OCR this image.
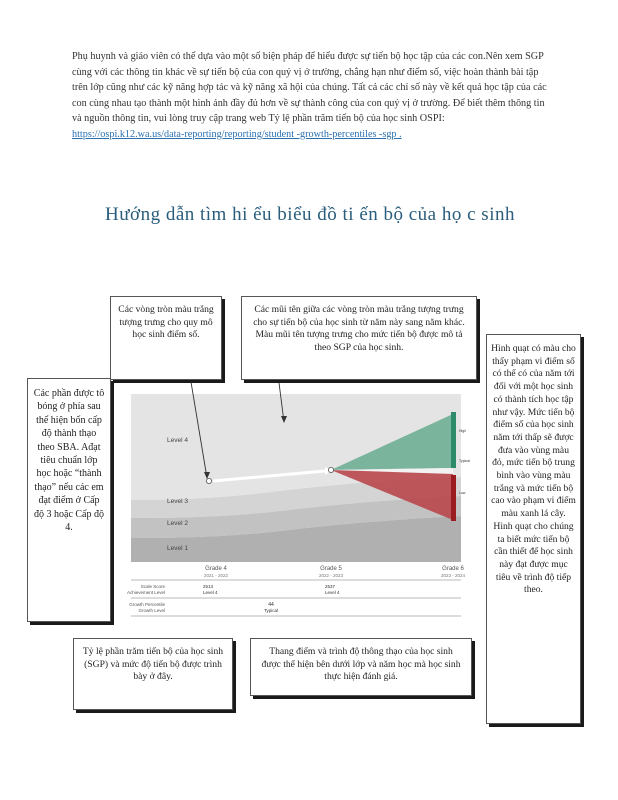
Phụ huynh và giáo viên có thể dựa vào một số biện pháp để hiểu được sự tiến bộ học tập của các con.Nên xem SGP cùng với các thông tin khác về sự tiến bộ của con quý vị ở trường, chẳng hạn như điểm số, việc hoàn thành bài tập trên lớp cũng như các kỹ năng hợp tác và kỹ năng xã hội của chúng. Tất cả các chỉ số này về kết quả học tập của các con cùng nhau tạo thành một hình ảnh đầy đủ hơn về sự thành công của con quý vị ở trường. Để biết thêm thông tin và nguồn thông tin, vui lòng truy cập trang web Tỷ lệ phần trăm tiến bộ của học sinh OSPI: https://ospi.k12.wa.us/data-reporting/reporting/student -growth-percentiles -sgp .
Hướng dẫn tìm hi ểu biểu đồ ti ến bộ của họ c sinh
Level 4
Level 3
Level 2
Level 1
High
Typical
Low
Grade 4
2021 - 2022
Grade 5
2022 - 2023
Grade 6
2023 - 2024
Scale Score
Achievement Level
2513
Level 4
2537
Level 4
Growth Percentile
Growth Level
44
Typical
Các vòng tròn màu trắng tượng trưng cho quy mô học sinh điểm số.
Các mũi tên giữa các vòng tròn màu trắng tượng trưng cho sự tiến bộ của học sinh từ năm này sang năm khác. Màu mũi tên tượng trưng cho mức tiến bộ được mô tả theo SGP của học sinh.
Các phần được tô bóng ở phía sau thể hiện bốn cấp độ thành thạo theo SBA. Ađạt tiêu chuẩn lớp học hoặc “thành thạo” nếu các em đạt điểm ở Cấp độ 3 hoặc Cấp độ 4.
Hình quạt có màu cho thấy phạm vi điểm số có thể có của năm tới đối với một học sinh có thành tích học tập như vậy. Mức tiến bộ điểm số của học sinh năm tới thấp sẽ được đưa vào vùng màu đỏ, mức tiến bộ trung bình vào vùng màu trắng và mức tiến bộ cao vào phạm vi điểm màu xanh lá cây. Hình quạt cho chúng ta biết mức tiến bộ cần thiết để học sinh này đạt được mục tiêu về trình độ tiếp theo.
Tỷ lệ phần trăm tiến bộ của học sinh (SGP) và mức độ tiến bộ được trình bày ở đây.
Thang điểm và trình độ thông thạo của học sinh được thể hiện bên dưới lớp và năm học mà học sinh thực hiện đánh giá.
